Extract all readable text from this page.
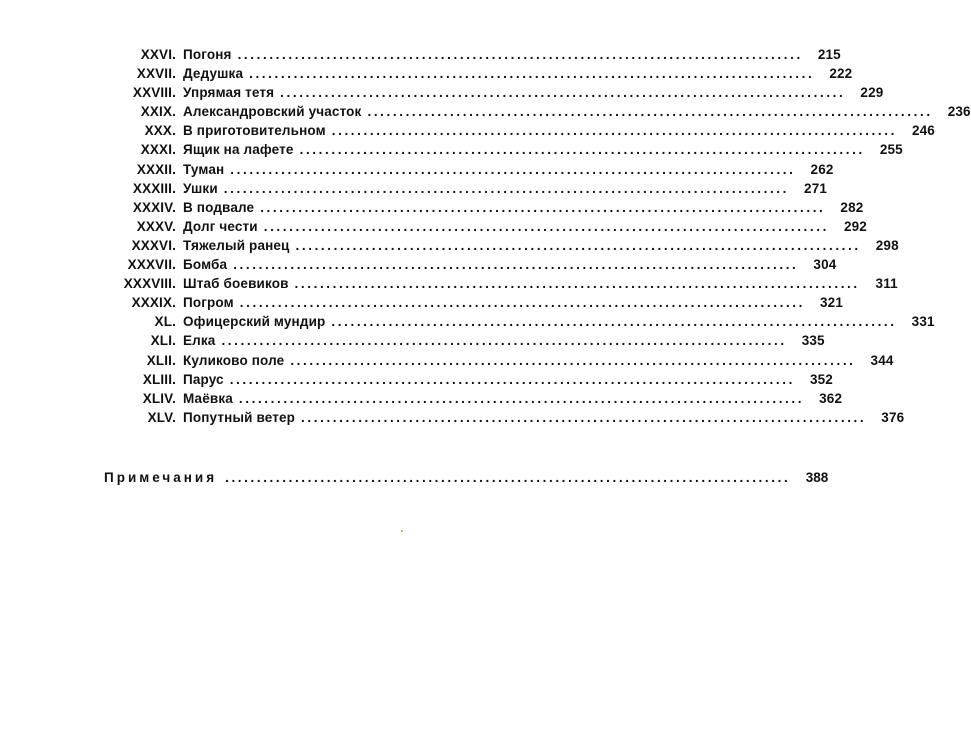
XXVI. Погоня .........................................................................................	215
XXVII. Дедушка .........................................................................................	222
XXVIII. Упрямая тетя .........................................................................................	229
XXIX. Александровский участок .........................................................................................	236
XXX. В приготовительном .........................................................................................	246
XXXI. Ящик на лафете .........................................................................................	255
XXXII. Туман .........................................................................................	262
XXXIII. Ушки .........................................................................................	271
XXXIV. В подвале .........................................................................................	282
XXXV. Долг чести .........................................................................................	292
XXXVI. Тяжелый ранец .........................................................................................	298
XXXVII. Бомба .........................................................................................	304
XXXVIII. Штаб боевиков .........................................................................................	311
XXXIX. Погром .........................................................................................	321
XL. Офицерский мундир .........................................................................................	331
XLI. Елка .........................................................................................	335
XLII. Куликово поле .........................................................................................	344
XLIII. Парус .........................................................................................	352
XLIV. Маёвка .........................................................................................	362
XLV. Попутный ветер .........................................................................................	376
Примечания .........................................................................................	388
